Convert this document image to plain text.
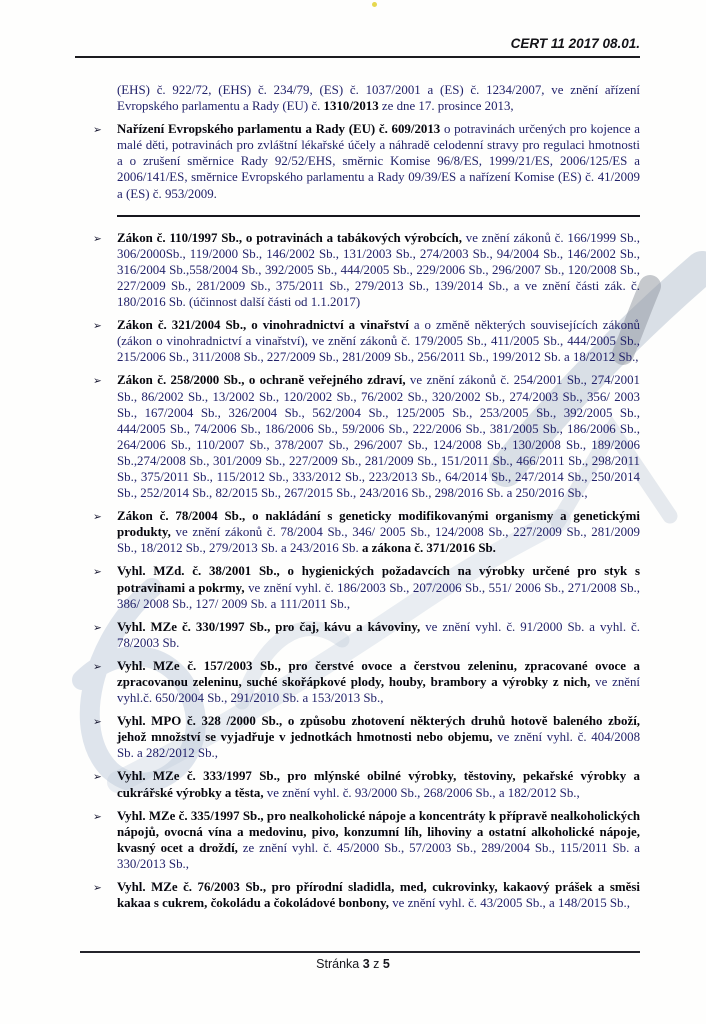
CERT 11 2017 08.01.
(EHS) č. 922/72, (EHS) č. 234/79, (ES) č. 1037/2001 a (ES) č. 1234/2007, ve znění ařízení Evropského parlamentu a Rady (EU) č. 1310/2013 ze dne 17. prosince 2013,
➢ Nařízení Evropského parlamentu a Rady (EU) č. 609/2013 o potravinách určených pro kojence a malé děti, potravinách pro zvláštní lékařské účely a náhradě celodenní stravy pro regulaci hmotnosti a o zrušení směrnice Rady 92/52/EHS, směrnic Komise 96/8/ES, 1999/21/ES, 2006/125/ES a 2006/141/ES, směrnice Evropského parlamentu a Rady 09/39/ES a nařízení Komise (ES) č. 41/2009 a (ES) č. 953/2009.
➢ Zákon č. 110/1997 Sb., o potravinách a tabákových výrobcích, ve znění zákonů č. 166/1999 Sb., 306/2000Sb., 119/2000 Sb., 146/2002 Sb., 131/2003 Sb., 274/2003 Sb., 94/2004 Sb., 146/2002 Sb., 316/2004 Sb.,558/2004 Sb., 392/2005 Sb., 444/2005 Sb., 229/2006 Sb., 296/2007 Sb., 120/2008 Sb., 227/2009 Sb., 281/2009 Sb., 375/2011 Sb., 279/2013 Sb., 139/2014 Sb., a ve znění části zák. č. 180/2016 Sb. (účinnost další části od 1.1.2017)
➢ Zákon č. 321/2004 Sb., o vinohradnictví a vinařství a o změně některých souvisejících zákonů (zákon o vinohradnictví a vinařství), ve znění zákonů č. 179/2005 Sb., 411/2005 Sb., 444/2005 Sb., 215/2006 Sb., 311/2008 Sb., 227/2009 Sb., 281/2009 Sb., 256/2011 Sb., 199/2012 Sb. a 18/2012 Sb.,
➢ Zákon č. 258/2000 Sb., o ochraně veřejného zdraví, ve znění zákonů č. 254/2001 Sb., 274/2001 Sb., 86/2002 Sb., 13/2002 Sb., 120/2002 Sb., 76/2002 Sb., 320/2002 Sb., 274/2003 Sb., 356/ 2003 Sb., 167/2004 Sb., 326/2004 Sb., 562/2004 Sb., 125/2005 Sb., 253/2005 Sb., 392/2005 Sb., 444/2005 Sb., 74/2006 Sb., 186/2006 Sb., 59/2006 Sb., 222/2006 Sb., 381/2005 Sb., 186/2006 Sb., 264/2006 Sb., 110/2007 Sb., 378/2007 Sb., 296/2007 Sb., 124/2008 Sb., 130/2008 Sb., 189/2006 Sb.,274/2008 Sb., 301/2009 Sb., 227/2009 Sb., 281/2009 Sb., 151/2011 Sb., 466/2011 Sb., 298/2011 Sb., 375/2011 Sb., 115/2012 Sb., 333/2012 Sb., 223/2013 Sb., 64/2014 Sb., 247/2014 Sb., 250/2014 Sb., 252/2014 Sb., 82/2015 Sb., 267/2015 Sb., 243/2016 Sb., 298/2016 Sb. a 250/2016 Sb.,
➢ Zákon č. 78/2004 Sb., o nakládání s geneticky modifikovanými organismy a genetickými produkty, ve znění zákonů č. 78/2004 Sb., 346/ 2005 Sb., 124/2008 Sb., 227/2009 Sb., 281/2009 Sb., 18/2012 Sb., 279/2013 Sb. a 243/2016 Sb. a zákona č. 371/2016 Sb.
➢ Vyhl. MZd. č. 38/2001 Sb., o hygienických požadavcích na výrobky určené pro styk s potravinami a pokrmy, ve znění vyhl. č. 186/2003 Sb., 207/2006 Sb., 551/ 2006 Sb., 271/2008 Sb., 386/ 2008 Sb., 127/ 2009 Sb. a 111/2011 Sb.,
➢ Vyhl. MZe č. 330/1997 Sb., pro čaj, kávu a kávoviny, ve znění vyhl. č. 91/2000 Sb. a vyhl. č. 78/2003 Sb.
➢ Vyhl. MZe č. 157/2003 Sb., pro čerstvé ovoce a čerstvou zeleninu, zpracované ovoce a zpracovanou zeleninu, suché skořápkové plody, houby, brambory a výrobky z nich, ve znění vyhl.č. 650/2004 Sb., 291/2010 Sb. a 153/2013 Sb.,
➢ Vyhl. MPO č. 328 /2000 Sb., o způsobu zhotovení některých druhů hotově baleného zboží, jehož množství se vyjadřuje v jednotkách hmotnosti nebo objemu, ve znění vyhl. č. 404/2008 Sb. a 282/2012 Sb.,
➢ Vyhl. MZe č. 333/1997 Sb., pro mlýnské obilné výrobky, těstoviny, pekařské výrobky a cukrářské výrobky a těsta, ve znění vyhl. č. 93/2000 Sb., 268/2006 Sb., a 182/2012 Sb.,
➢ Vyhl. MZe č. 335/1997 Sb., pro nealkoholické nápoje a koncentráty k přípravě nealkoholických nápojů, ovocná vína a medovinu, pivo, konzumní líh, lihoviny a ostatní alkoholické nápoje, kvasný ocet a droždí, ze znění vyhl. č. 45/2000 Sb., 57/2003 Sb., 289/2004 Sb., 115/2011 Sb. a 330/2013 Sb.,
➢ Vyhl. MZe č. 76/2003 Sb., pro přírodní sladidla, med, cukrovinky, kakaový prášek a směsi kakaa s cukrem, čokoládu a čokoládové bonbony, ve znění vyhl. č. 43/2005 Sb., a 148/2015 Sb.,
Stránka 3 z 5
